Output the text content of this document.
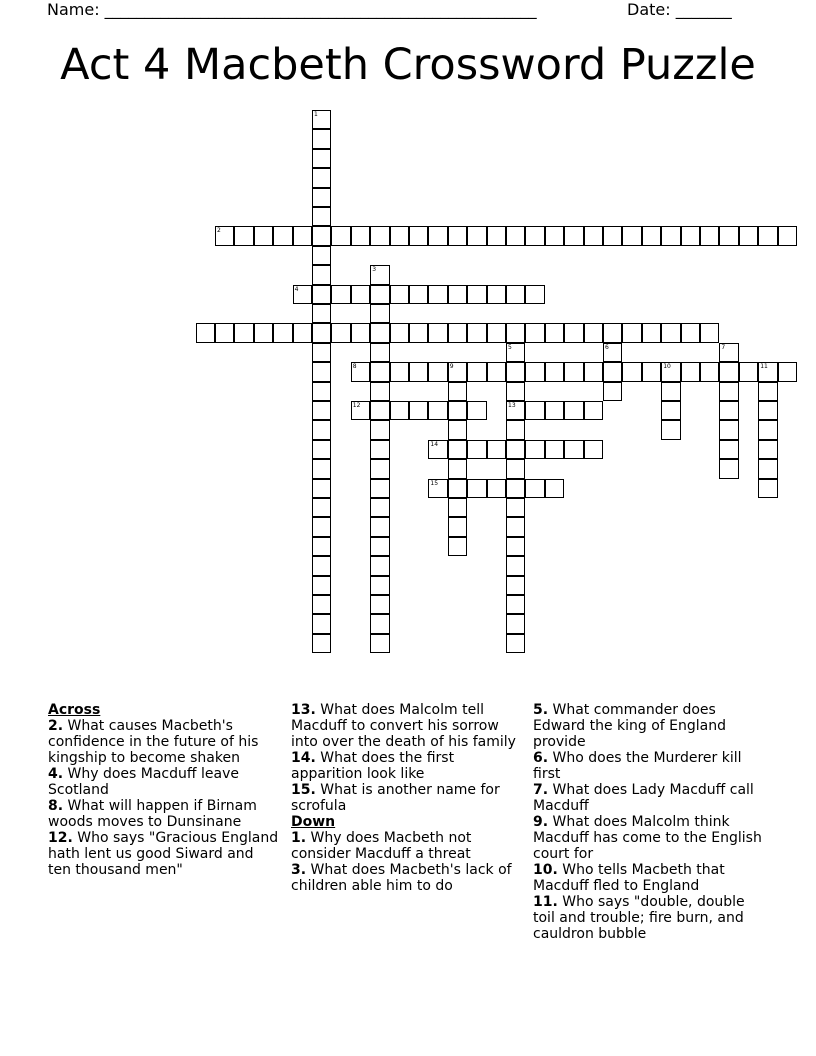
Name: ______________________________________________________	Date: _______
Act 4 Macbeth Crossword Puzzle
1
2
3
4
5
13
6	7
8	9	10	11
12
14
15

Across

2. What causes Macbeth's confidence in the future of his kingship to become shaken

4. Why does Macduff leave Scotland

8. What will happen if Birnam woods moves to Dunsinane

12. Who says "Gracious England hath lent us good Siward and ten thousand men"

13. What does Malcolm tell Macduff to convert his sorrow into over the death of his family

14. What does the first apparition look like

15. What is another name for scrofula

Down

1. Why does Macbeth not consider Macduff a threat

3. What does Macbeth's lack of children able him to do

5. What commander does Edward the king of England provide

6. Who does the Murderer kill first

7. What does Lady Macduff call Macduff

9. What does Malcolm think Macduff has come to the English court for

10. Who tells Macbeth that Macduff fled to England

11. Who says "double, double toil and trouble; fire burn, and cauldron bubble
